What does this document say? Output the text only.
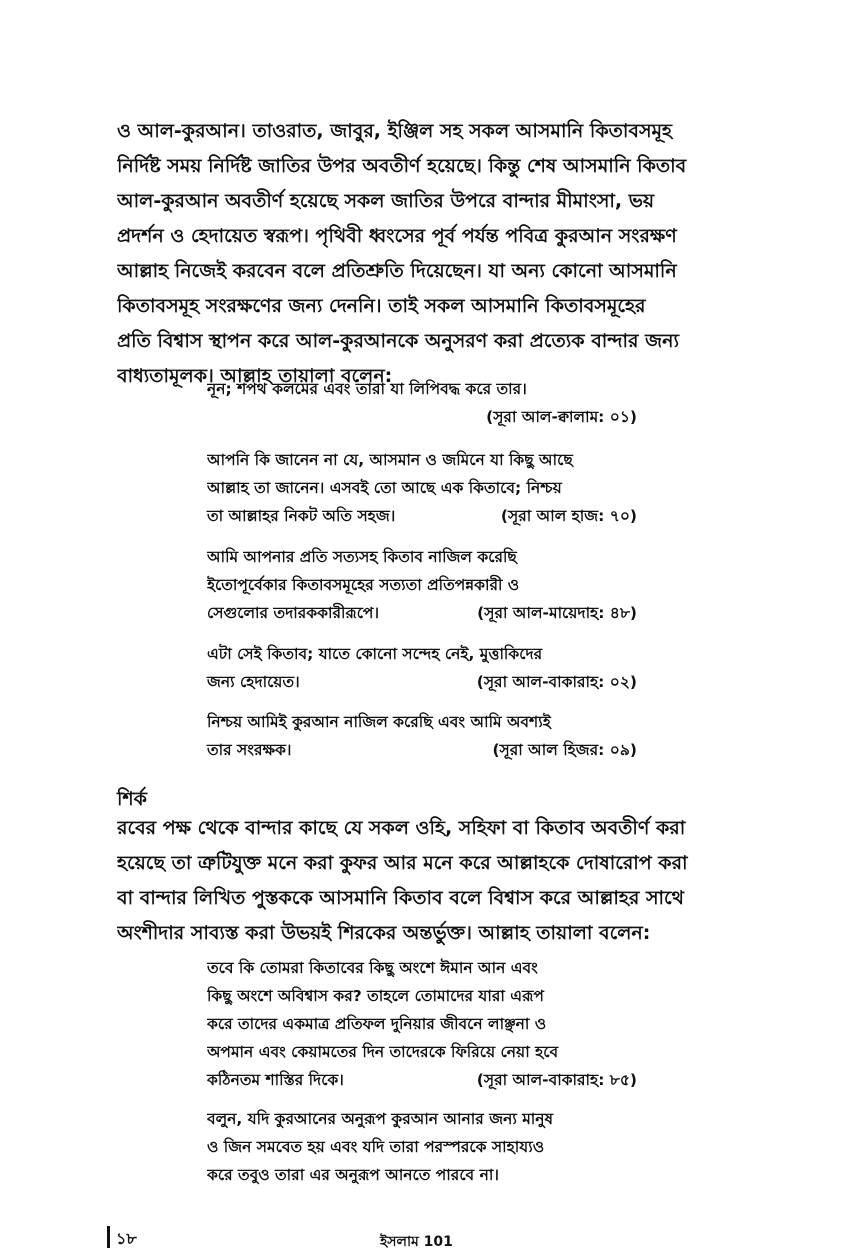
ও আল-কুরআন। তাওরাত, জাবুর, ইঞ্জিল সহ সকল আসমানি কিতাবসমূহ
নির্দিষ্ট সময় নির্দিষ্ট জাতির উপর অবতীর্ণ হয়েছে। কিন্তু শেষ আসমানি কিতাব
আল-কুরআন অবতীর্ণ হয়েছে সকল জাতির উপরে বান্দার মীমাংসা, ভয়
প্রদর্শন ও হেদায়েত স্বরূপ। পৃথিবী ধ্বংসের পূর্ব পর্যন্ত পবিত্র কুরআন সংরক্ষণ
আল্লাহ নিজেই করবেন বলে প্রতিশ্রুতি দিয়েছেন। যা অন্য কোনো আসমানি
কিতাবসমূহ সংরক্ষণের জন্য দেননি। তাই সকল আসমানি কিতাবসমূহের
প্রতি বিশ্বাস স্থাপন করে আল-কুরআনকে অনুসরণ করা প্রত্যেক বান্দার জন্য
বাধ্যতামূলক। আল্লাহ তায়ালা বলেন:
নূন; শপথ কলমের এবং তারা যা লিপিবদ্ধ করে তার।
(সূরা আল-ক্বালাম: ০১)
আপনি কি জানেন না যে, আসমান ও জমিনে যা কিছু আছে
আল্লাহ তা জানেন। এসবই তো আছে এক কিতাবে; নিশ্চয়
তা আল্লাহর নিকট অতি সহজ।	(সূরা আল হাজ: ৭০)
আমি আপনার প্রতি সত্যসহ কিতাব নাজিল করেছি
ইতোপূর্বেকার কিতাবসমূহের সত্যতা প্রতিপন্নকারী ও
সেগুলোর তদারককারীরূপে।	(সূরা আল-মায়েদাহ: ৪৮)
এটা সেই কিতাব; যাতে কোনো সন্দেহ নেই, মুত্তাকিদের
জন্য হেদায়েত।	(সূরা আল-বাকারাহ: ০২)
নিশ্চয় আমিই কুরআন নাজিল করেছি এবং আমি অবশ্যই
তার সংরক্ষক।	(সূরা আল হিজর: ০৯)
শির্ক
রবের পক্ষ থেকে বান্দার কাছে যে সকল ওহি, সহিফা বা কিতাব অবতীর্ণ করা
হয়েছে তা ত্রুটিযুক্ত মনে করা কুফর আর মনে করে আল্লাহকে দোষারোপ করা
বা বান্দার লিখিত পুস্তককে আসমানি কিতাব বলে বিশ্বাস করে আল্লাহর সাথে
অংশীদার সাব্যস্ত করা উভয়ই শিরকের অন্তর্ভুক্ত। আল্লাহ তায়ালা বলেন:
তবে কি তোমরা কিতাবের কিছু অংশে ঈমান আন এবং
কিছু অংশে অবিশ্বাস কর? তাহলে তোমাদের যারা এরূপ
করে তাদের একমাত্র প্রতিফল দুনিয়ার জীবনে লাঞ্ছনা ও
অপমান এবং কেয়ামতের দিন তাদেরকে ফিরিয়ে নেয়া হবে
কঠিনতম শাস্তির দিকে।	(সূরা আল-বাকারাহ: ৮৫)
বলুন, যদি কুরআনের অনুরূপ কুরআন আনার জন্য মানুষ
ও জিন সমবেত হয় এবং যদি তারা পরস্পরকে সাহায্যও
করে তবুও তারা এর অনুরূপ আনতে পারবে না।
১৮	ইসলাম 101
